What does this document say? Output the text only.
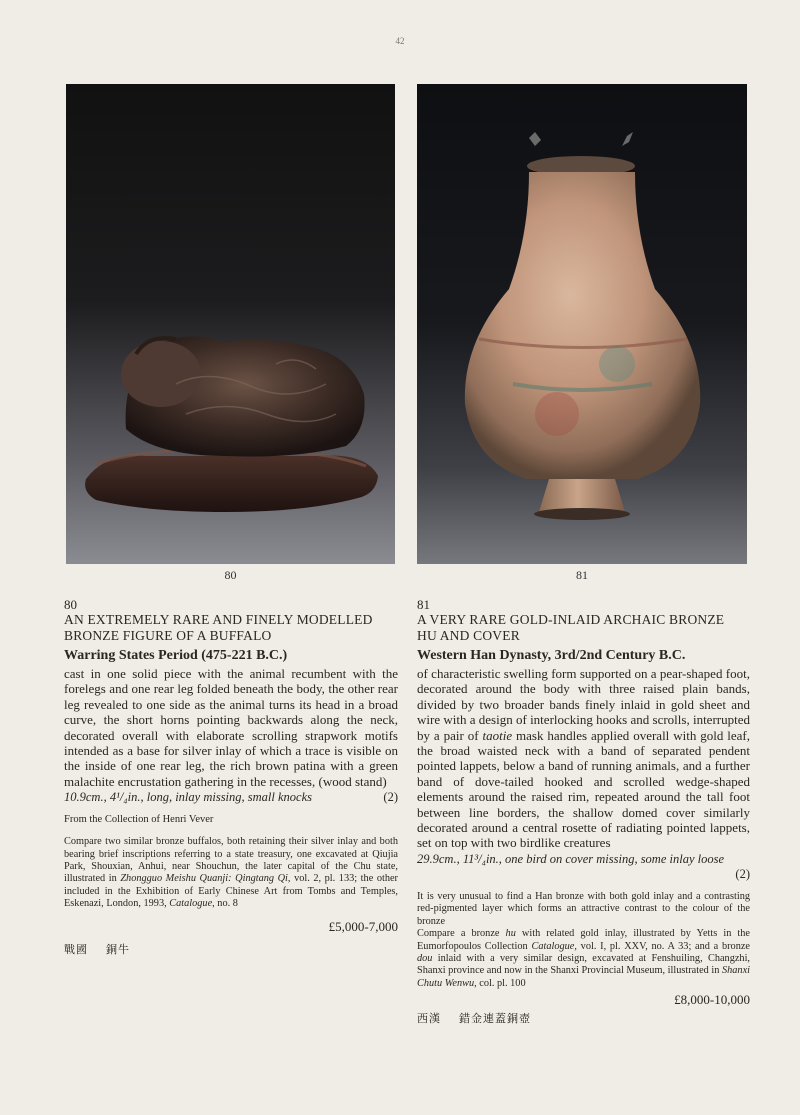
42
80	81

80

AN EXTREMELY RARE AND FINELY MODELLED

BRONZE FIGURE OF A BUFFALO

Warring States Period (475-221 B.C.)

cast in one solid piece with the animal recumbent with the forelegs and one rear leg folded beneath the body, the other rear leg revealed to one side as the animal turns its head in a broad curve, the short horns pointing backwards along the neck, decorated overall with elaborate scrolling strapwork motifs intended as a base for silver inlay of which a trace is visible on the inside of one rear leg, the rich brown patina with a green malachite encrustation gathering in the recesses, (wood stand)

10.9cm., 4¹/₄in., long, inlay missing, small knocks	(2)

From the Collection of Henri Vever

Compare two similar bronze buffalos, both retaining their silver inlay and both bearing brief inscriptions referring to a state treasury, one excavated at Qiujia Park, Shouxian, Anhui, near Shouchun, the later capital of the Chu state, illustrated in Zhongguo Meishu Quanji: Qingtang Qi, vol. 2, pl. 133; the other included in the Exhibition of Early Chinese Art from Tombs and Temples, Eskenazi, London, 1993, Catalogue, no. 8

£5,000-7,000

戰國 銅牛

81

A VERY RARE GOLD-INLAID ARCHAIC BRONZE

HU AND COVER

Western Han Dynasty, 3rd/2nd Century B.C.

of characteristic swelling form supported on a pear-shaped foot, decorated around the body with three raised plain bands, divided by two broader bands finely inlaid in gold sheet and wire with a design of interlocking hooks and scrolls, interrupted by a pair of taotie mask handles applied overall with gold leaf, the broad waisted neck with a band of separated pendent pointed lappets, below a band of running animals, and a further band of dove-tailed hooked and scrolled wedge-shaped elements around the raised rim, repeated around the tall foot between line borders, the shallow domed cover similarly decorated around a central rosette of radiating pointed lappets, set on top with two birdlike creatures

29.9cm., 11³/₄in., one bird on cover missing, some inlay loose

(2)

It is very unusual to find a Han bronze with both gold inlay and a contrasting red-pigmented layer which forms an attractive contrast to the colour of the bronze

Compare a bronze hu with related gold inlay, illustrated by Yetts in the Eumorfopoulos Collection Catalogue, vol. I, pl. XXV, no. A 33; and a bronze dou inlaid with a very similar design, excavated at Fenshuiling, Changzhi, Shanxi province and now in the Shanxi Provincial Museum, illustrated in Shanxi Chutu Wenwu, col. pl. 100

£8,000-10,000

西漢 錯金連蓋銅壺
